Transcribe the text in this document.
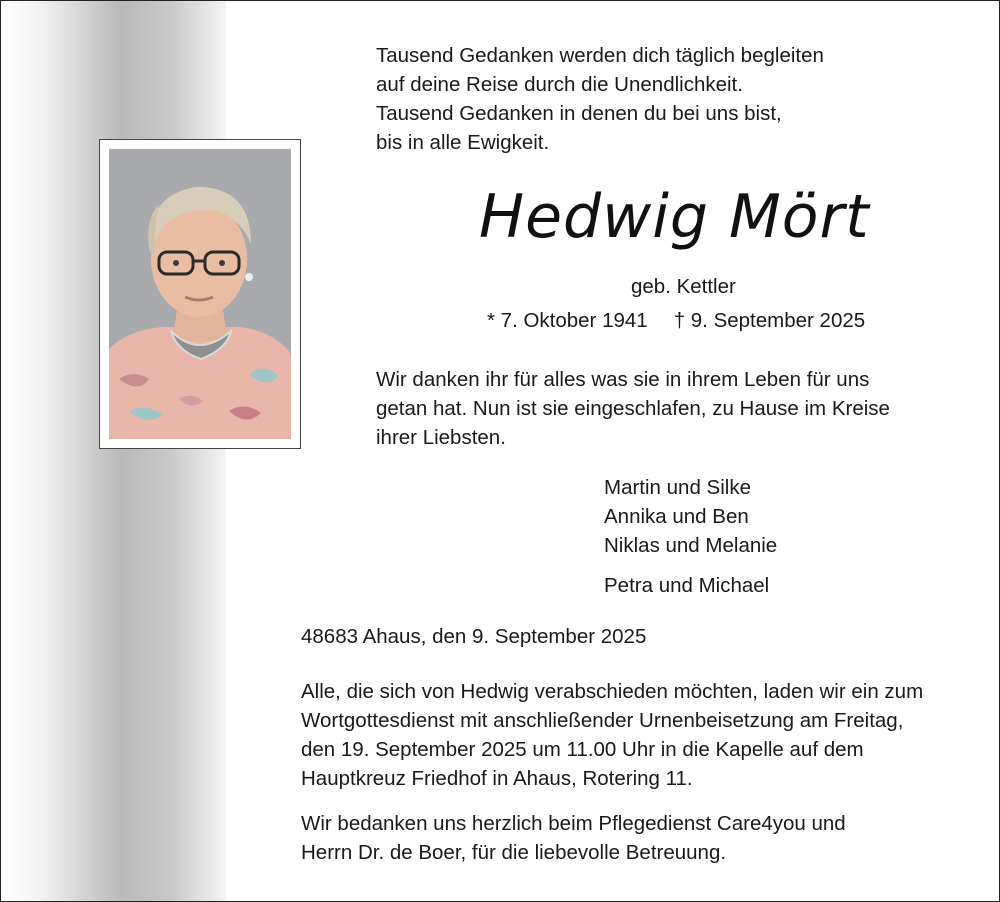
Tausend Gedanken werden dich täglich begleiten
auf deine Reise durch die Unendlichkeit.
Tausend Gedanken in denen du bei uns bist,
bis in alle Ewigkeit.
Hedwig Mört
geb. Kettler
* 7. Oktober 1941 † 9. September 2025
Wir danken ihr für alles was sie in ihrem Leben für uns
getan hat. Nun ist sie eingeschlafen, zu Hause im Kreise
ihrer Liebsten.
Martin und Silke
Annika und Ben
Niklas und Melanie
Petra und Michael
48683 Ahaus, den 9. September 2025
Alle, die sich von Hedwig verabschieden möchten, laden wir ein zum
Wortgottesdienst mit anschließender Urnenbeisetzung am Freitag,
den 19. September 2025 um 11.00 Uhr in die Kapelle auf dem
Hauptkreuz Friedhof in Ahaus, Rotering 11.
Wir bedanken uns herzlich beim Pflegedienst Care4you und
Herrn Dr. de Boer, für die liebevolle Betreuung.
